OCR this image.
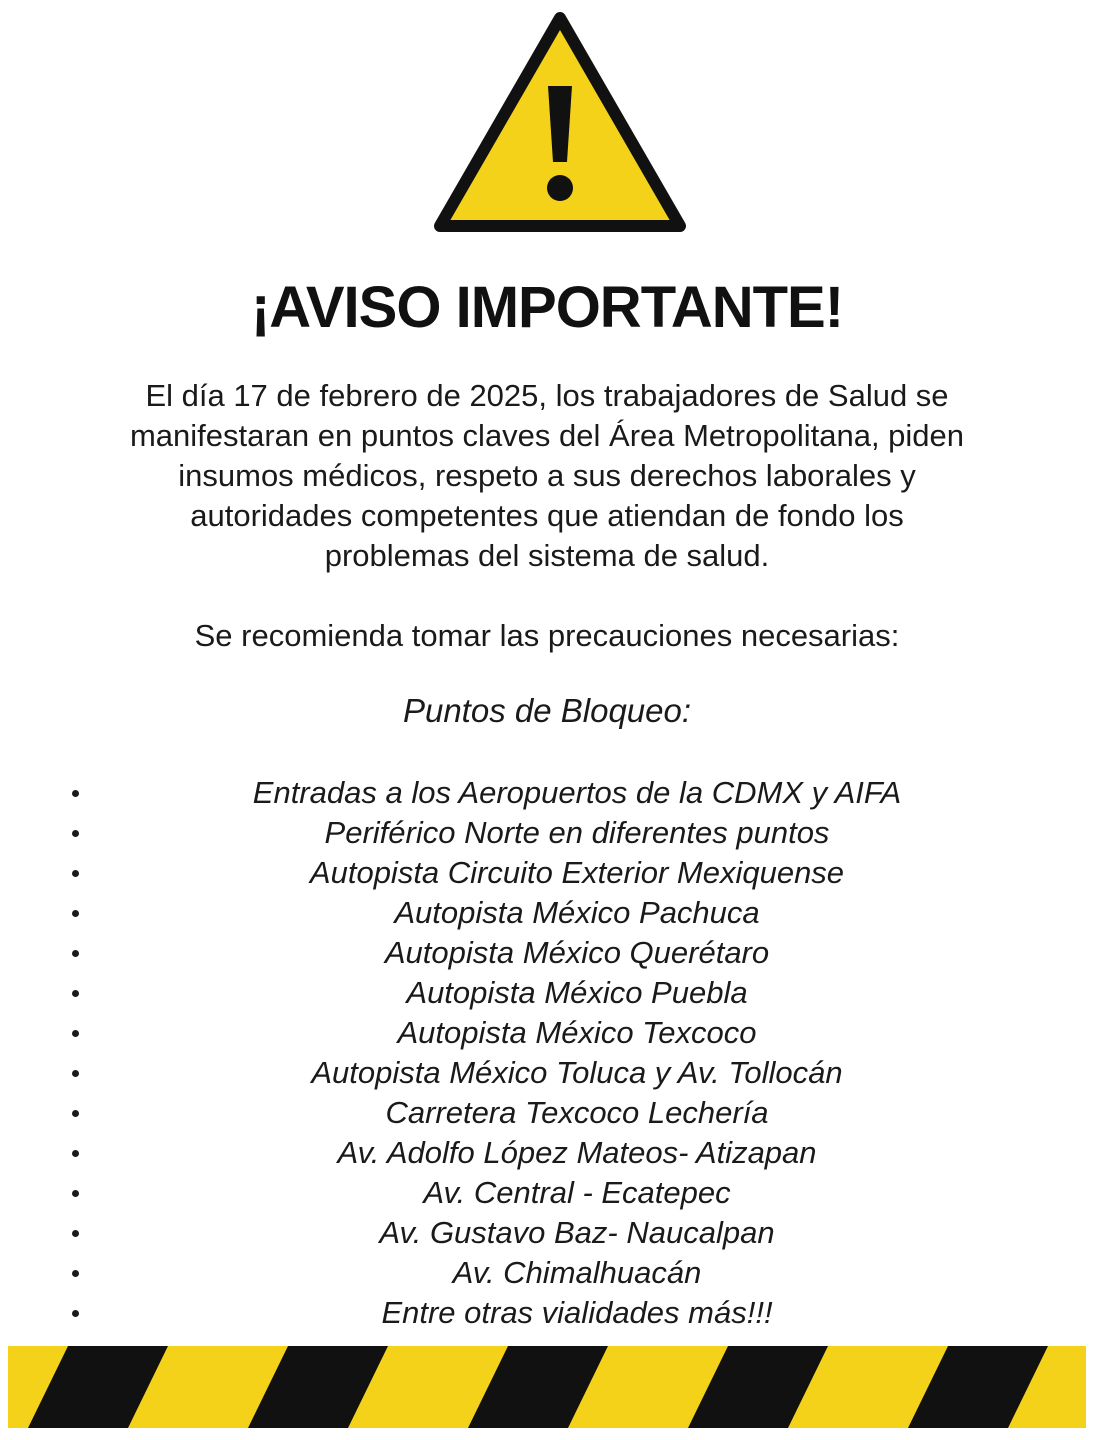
¡AVISO IMPORTANTE!
El día 17 de febrero de 2025, los trabajadores de Salud se
manifestaran en puntos claves del Área Metropolitana, piden
insumos médicos, respeto a sus derechos laborales y
autoridades competentes que atiendan de fondo los
problemas del sistema de salud.
Se recomienda tomar las precauciones necesarias:
Puntos de Bloqueo:
Entradas a los Aeropuertos de la CDMX y AIFA
Periférico Norte en diferentes puntos
Autopista Circuito Exterior Mexiquense
Autopista México Pachuca
Autopista México Querétaro
Autopista México Puebla
Autopista México Texcoco
Autopista México Toluca y Av. Tollocán
Carretera Texcoco Lechería
Av. Adolfo López Mateos- Atizapan
Av. Central - Ecatepec
Av. Gustavo Baz- Naucalpan
Av. Chimalhuacán
Entre otras vialidades más!!!
